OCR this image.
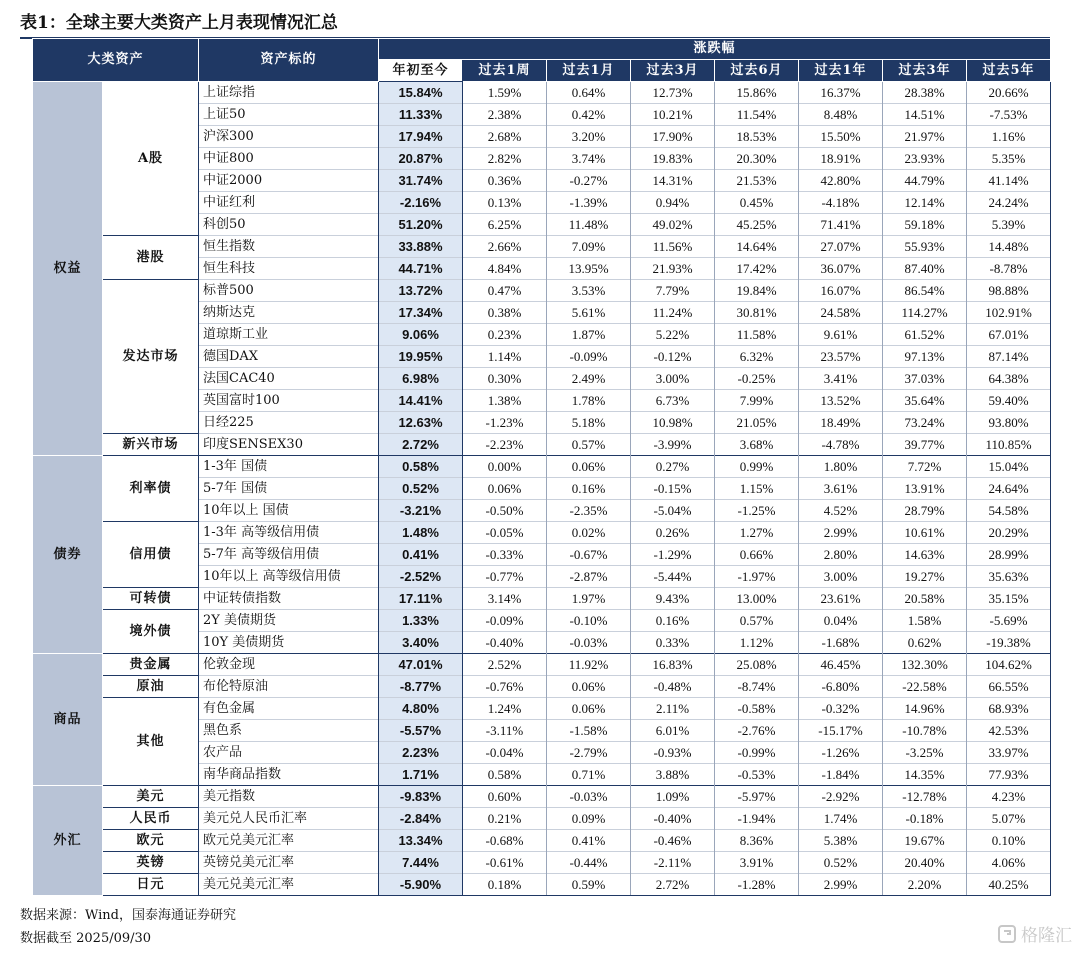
表1：全球主要大类资产上月表现情况汇总
大类资产		资产标的	涨跌幅							
			年初至今	过去1周	过去1月	过去3月	过去6月	过去1年	过去3年	过去5年
权益	A股	上证综指	15.84%	1.59%	0.64%	12.73%	15.86%	16.37%	28.38%	20.66%
		上证50	11.33%	2.38%	0.42%	10.21%	11.54%	8.48%	14.51%	-7.53%
		沪深300	17.94%	2.68%	3.20%	17.90%	18.53%	15.50%	21.97%	1.16%
		中证800	20.87%	2.82%	3.74%	19.83%	20.30%	18.91%	23.93%	5.35%
		中证2000	31.74%	0.36%	-0.27%	14.31%	21.53%	42.80%	44.79%	41.14%
		中证红利	-2.16%	0.13%	-1.39%	0.94%	0.45%	-4.18%	12.14%	24.24%
		科创50	51.20%	6.25%	11.48%	49.02%	45.25%	71.41%	59.18%	5.39%
	港股	恒生指数	33.88%	2.66%	7.09%	11.56%	14.64%	27.07%	55.93%	14.48%
		恒生科技	44.71%	4.84%	13.95%	21.93%	17.42%	36.07%	87.40%	-8.78%
	发达市场	标普500	13.72%	0.47%	3.53%	7.79%	19.84%	16.07%	86.54%	98.88%
		纳斯达克	17.34%	0.38%	5.61%	11.24%	30.81%	24.58%	114.27%	102.91%
		道琼斯工业	9.06%	0.23%	1.87%	5.22%	11.58%	9.61%	61.52%	67.01%
		德国DAX	19.95%	1.14%	-0.09%	-0.12%	6.32%	23.57%	97.13%	87.14%
		法国CAC40	6.98%	0.30%	2.49%	3.00%	-0.25%	3.41%	37.03%	64.38%
		英国富时100	14.41%	1.38%	1.78%	6.73%	7.99%	13.52%	35.64%	59.40%
		日经225	12.63%	-1.23%	5.18%	10.98%	21.05%	18.49%	73.24%	93.80%
	新兴市场	印度SENSEX30	2.72%	-2.23%	0.57%	-3.99%	3.68%	-4.78%	39.77%	110.85%
债券	利率债	1-3年 国债	0.58%	0.00%	0.06%	0.27%	0.99%	1.80%	7.72%	15.04%
		5-7年 国债	0.52%	0.06%	0.16%	-0.15%	1.15%	3.61%	13.91%	24.64%
		10年以上 国债	-3.21%	-0.50%	-2.35%	-5.04%	-1.25%	4.52%	28.79%	54.58%
	信用债	1-3年 高等级信用债	1.48%	-0.05%	0.02%	0.26%	1.27%	2.99%	10.61%	20.29%
		5-7年 高等级信用债	0.41%	-0.33%	-0.67%	-1.29%	0.66%	2.80%	14.63%	28.99%
		10年以上 高等级信用债	-2.52%	-0.77%	-2.87%	-5.44%	-1.97%	3.00%	19.27%	35.63%
	可转债	中证转债指数	17.11%	3.14%	1.97%	9.43%	13.00%	23.61%	20.58%	35.15%
	境外债	2Y 美债期货	1.33%	-0.09%	-0.10%	0.16%	0.57%	0.04%	1.58%	-5.69%
		10Y 美债期货	3.40%	-0.40%	-0.03%	0.33%	1.12%	-1.68%	0.62%	-19.38%
商品	贵金属	伦敦金现	47.01%	2.52%	11.92%	16.83%	25.08%	46.45%	132.30%	104.62%
	原油	布伦特原油	-8.77%	-0.76%	0.06%	-0.48%	-8.74%	-6.80%	-22.58%	66.55%
	其他	有色金属	4.80%	1.24%	0.06%	2.11%	-0.58%	-0.32%	14.96%	68.93%
		黑色系	-5.57%	-3.11%	-1.58%	6.01%	-2.76%	-15.17%	-10.78%	42.53%
		农产品	2.23%	-0.04%	-2.79%	-0.93%	-0.99%	-1.26%	-3.25%	33.97%
		南华商品指数	1.71%	0.58%	0.71%	3.88%	-0.53%	-1.84%	14.35%	77.93%
外汇	美元	美元指数	-9.83%	0.60%	-0.03%	1.09%	-5.97%	-2.92%	-12.78%	4.23%
	人民币	美元兑人民币汇率	-2.84%	0.21%	0.09%	-0.40%	-1.94%	1.74%	-0.18%	5.07%
	欧元	欧元兑美元汇率	13.34%	-0.68%	0.41%	-0.46%	8.36%	5.38%	19.67%	0.10%
	英镑	英镑兑美元汇率	7.44%	-0.61%	-0.44%	-2.11%	3.91%	0.52%	20.40%	4.06%
	日元	美元兑美元汇率	-5.90%	0.18%	0.59%	2.72%	-1.28%	2.99%	2.20%	40.25%
数据来源：Wind，国泰海通证券研究
数据截至 2025/09/30	格隆汇
